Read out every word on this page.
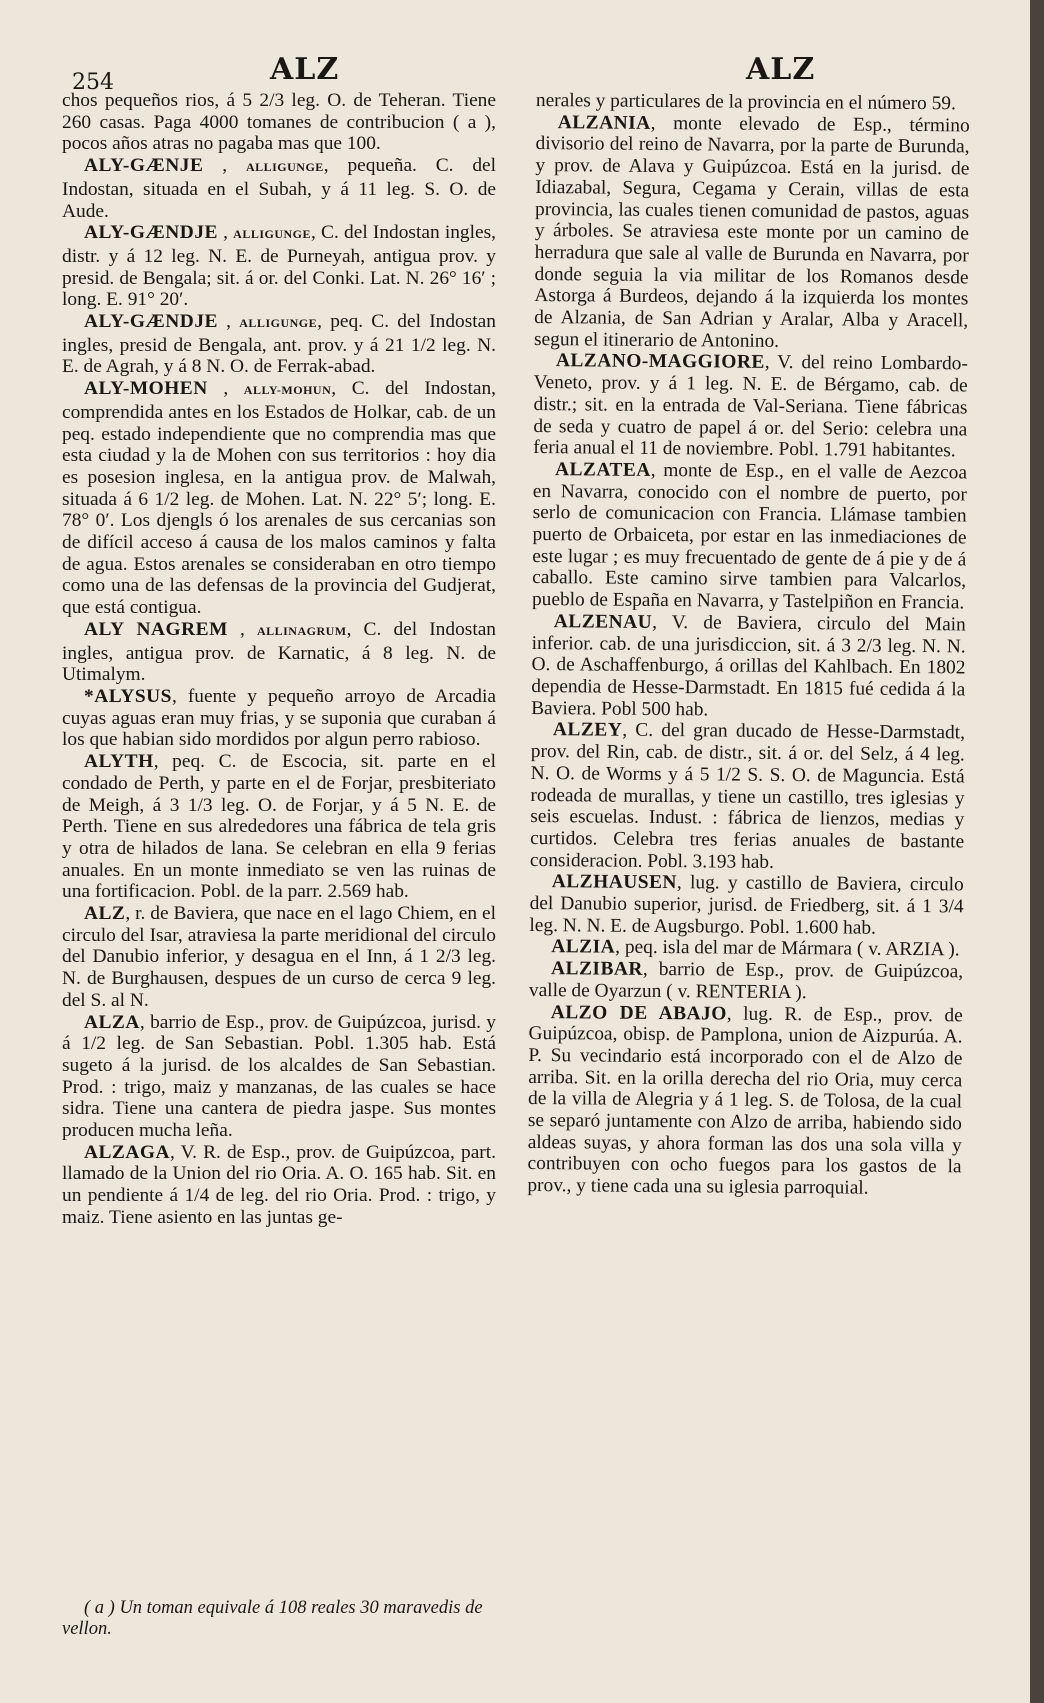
254	ALZ	ALZ

chos pequeños rios, á 5 2/3 leg. O. de Teheran. Tiene 260 casas. Paga 4000 tomanes de contribucion ( a ), pocos años atras no pagaba mas que 100.

ALY-GÆNJE , ALLIGUNGE, pequeña. C. del Indostan, situada en el Subah, y á 11 leg. S. O. de Aude.

ALY-GÆNDJE , ALLIGUNGE, C. del Indostan ingles, distr. y á 12 leg. N. E. de Purneyah, antigua prov. y presid. de Bengala; sit. á or. del Conki. Lat. N. 26° 16′ ; long. E. 91° 20′.

ALY-GÆNDJE , ALLIGUNGE, peq. C. del Indostan ingles, presid de Bengala, ant. prov. y á 21 1/2 leg. N. E. de Agrah, y á 8 N. O. de Ferrak-abad.

ALY-MOHEN , ALLY-MOHUN, C. del Indostan, comprendida antes en los Estados de Holkar, cab. de un peq. estado independiente que no comprendia mas que esta ciudad y la de Mohen con sus territorios : hoy dia es posesion inglesa, en la antigua prov. de Malwah, situada á 6 1/2 leg. de Mohen. Lat. N. 22° 5′; long. E. 78° 0′. Los djengls ó los arenales de sus cercanias son de difícil acceso á causa de los malos caminos y falta de agua. Estos arenales se consideraban en otro tiempo como una de las defensas de la provincia del Gudjerat, que está contigua.

ALY NAGREM , ALLINAGRUM, C. del Indostan ingles, antigua prov. de Karnatic, á 8 leg. N. de Utimalym.

*ALYSUS, fuente y pequeño arroyo de Arcadia cuyas aguas eran muy frias, y se suponia que curaban á los que habian sido mordidos por algun perro rabioso.

ALYTH, peq. C. de Escocia, sit. parte en el condado de Perth, y parte en el de Forjar, presbiteriato de Meigh, á 3 1/3 leg. O. de Forjar, y á 5 N. E. de Perth. Tiene en sus alrededores una fábrica de tela gris y otra de hilados de lana. Se celebran en ella 9 ferias anuales. En un monte inmediato se ven las ruinas de una fortificacion. Pobl. de la parr. 2.569 hab.

ALZ, r. de Baviera, que nace en el lago Chiem, en el circulo del Isar, atraviesa la parte meridional del circulo del Danubio inferior, y desagua en el Inn, á 1 2/3 leg. N. de Burghausen, despues de un curso de cerca 9 leg. del S. al N.

ALZA, barrio de Esp., prov. de Guipúzcoa, jurisd. y á 1/2 leg. de San Sebastian. Pobl. 1.305 hab. Está sugeto á la jurisd. de los alcaldes de San Sebastian. Prod. : trigo, maiz y manzanas, de las cuales se hace sidra. Tiene una cantera de piedra jaspe. Sus montes producen mucha leña.

ALZAGA, V. R. de Esp., prov. de Guipúzcoa, part. llamado de la Union del rio Oria. A. O. 165 hab. Sit. en un pendiente á 1/4 de leg. del rio Oria. Prod. : trigo, y maiz. Tiene asiento en las juntas ge-

nerales y particulares de la provincia en el número 59.

ALZANIA, monte elevado de Esp., término divisorio del reino de Navarra, por la parte de Burunda, y prov. de Alava y Guipúzcoa. Está en la jurisd. de Idiazabal, Segura, Cegama y Cerain, villas de esta provincia, las cuales tienen comunidad de pastos, aguas y árboles. Se atraviesa este monte por un camino de herradura que sale al valle de Burunda en Navarra, por donde seguia la via militar de los Romanos desde Astorga á Burdeos, dejando á la izquierda los montes de Alzania, de San Adrian y Aralar, Alba y Aracell, segun el itinerario de Antonino.

ALZANO-MAGGIORE, V. del reino Lombardo-Veneto, prov. y á 1 leg. N. E. de Bérgamo, cab. de distr.; sit. en la entrada de Val-Seriana. Tiene fábricas de seda y cuatro de papel á or. del Serio: celebra una feria anual el 11 de noviembre. Pobl. 1.791 habitantes.

ALZATEA, monte de Esp., en el valle de Aezcoa en Navarra, conocido con el nombre de puerto, por serlo de comunicacion con Francia. Llámase tambien puerto de Orbaiceta, por estar en las inmediaciones de este lugar ; es muy frecuentado de gente de á pie y de á caballo. Este camino sirve tambien para Valcarlos, pueblo de España en Navarra, y Tastelpiñon en Francia.

ALZENAU, V. de Baviera, circulo del Main inferior. cab. de una jurisdiccion, sit. á 3 2/3 leg. N. N. O. de Aschaffenburgo, á orillas del Kahlbach. En 1802 dependia de Hesse-Darmstadt. En 1815 fué cedida á la Baviera. Pobl 500 hab.

ALZEY, C. del gran ducado de Hesse-Darmstadt, prov. del Rin, cab. de distr., sit. á or. del Selz, á 4 leg. N. O. de Worms y á 5 1/2 S. S. O. de Maguncia. Está rodeada de murallas, y tiene un castillo, tres iglesias y seis escuelas. Indust. : fábrica de lienzos, medias y curtidos. Celebra tres ferias anuales de bastante consideracion. Pobl. 3.193 hab.

ALZHAUSEN, lug. y castillo de Baviera, circulo del Danubio superior, jurisd. de Friedberg, sit. á 1 3/4 leg. N. N. E. de Augsburgo. Pobl. 1.600 hab.

ALZIA, peq. isla del mar de Mármara ( v. ARZIA ).

ALZIBAR, barrio de Esp., prov. de Guipúzcoa, valle de Oyarzun ( v. RENTERIA ).

ALZO DE ABAJO, lug. R. de Esp., prov. de Guipúzcoa, obisp. de Pamplona, union de Aizpurúa. A. P. Su vecindario está incorporado con el de Alzo de arriba. Sit. en la orilla derecha del rio Oria, muy cerca de la villa de Alegria y á 1 leg. S. de Tolosa, de la cual se separó juntamente con Alzo de arriba, habiendo sido aldeas suyas, y ahora forman las dos una sola villa y contribuyen con ocho fuegos para los gastos de la prov., y tiene cada una su iglesia parroquial.

( a ) Un toman equivale á 108 reales 30 maravedis de vellon.
